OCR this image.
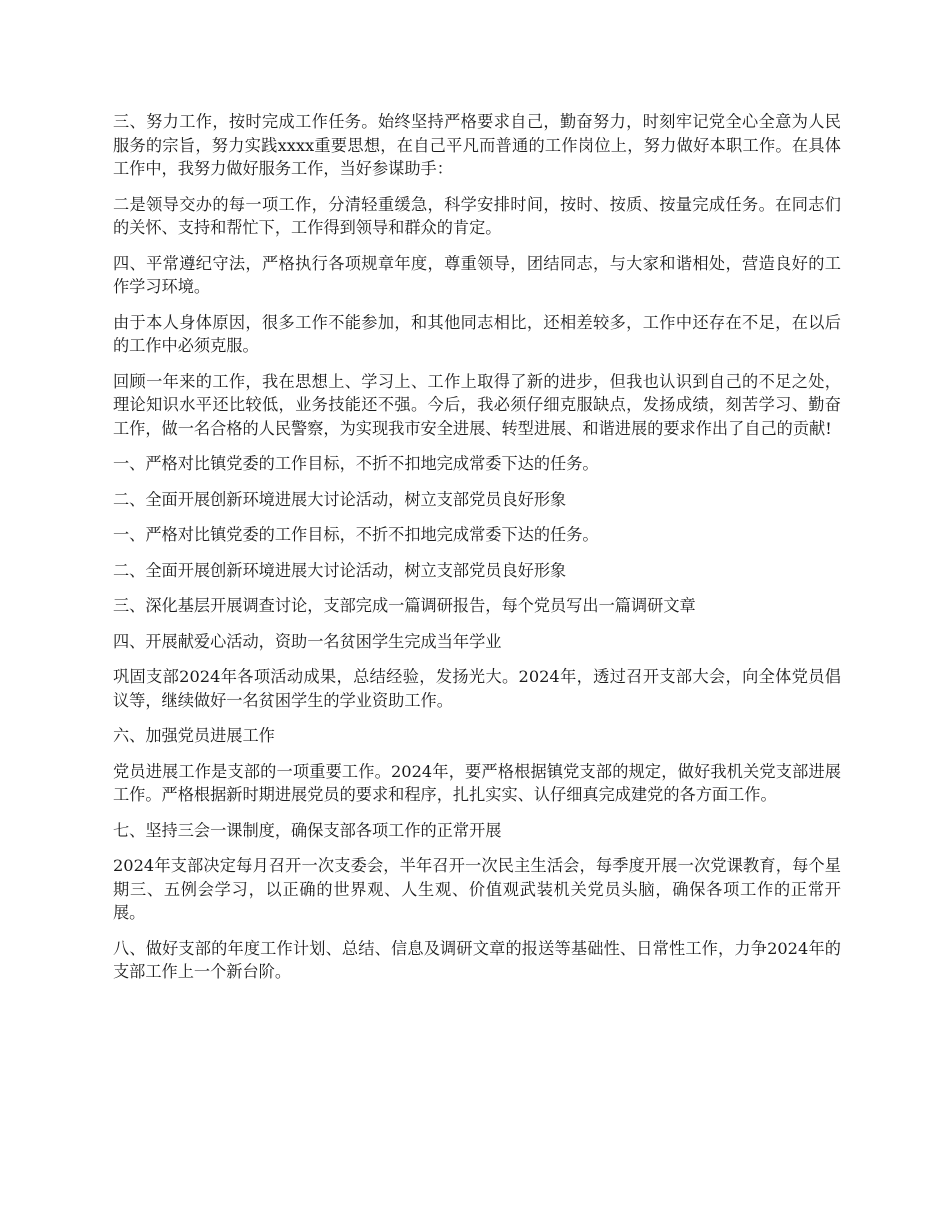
三、努力工作，按时完成工作任务。始终坚持严格要求自己，勤奋努力，时刻牢记党全心全意为人民服务的宗旨，努力实践xxxx重要思想，在自己平凡而普通的工作岗位上，努力做好本职工作。在具体工作中，我努力做好服务工作，当好参谋助手：

二是领导交办的每一项工作，分清轻重缓急，科学安排时间，按时、按质、按量完成任务。在同志们的关怀、支持和帮忙下，工作得到领导和群众的肯定。

四、平常遵纪守法，严格执行各项规章年度，尊重领导，团结同志，与大家和谐相处，营造良好的工作学习环境。

由于本人身体原因，很多工作不能参加，和其他同志相比，还相差较多，工作中还存在不足，在以后的工作中必须克服。

回顾一年来的工作，我在思想上、学习上、工作上取得了新的进步，但我也认识到自己的不足之处，理论知识水平还比较低，业务技能还不强。今后，我必须仔细克服缺点，发扬成绩，刻苦学习、勤奋工作，做一名合格的人民警察，为实现我市安全进展、转型进展、和谐进展的要求作出了自己的贡献!

一、严格对比镇党委的工作目标，不折不扣地完成常委下达的任务。

二、全面开展创新环境进展大讨论活动，树立支部党员良好形象

一、严格对比镇党委的工作目标，不折不扣地完成常委下达的任务。

二、全面开展创新环境进展大讨论活动，树立支部党员良好形象

三、深化基层开展调查讨论，支部完成一篇调研报告，每个党员写出一篇调研文章

四、开展献爱心活动，资助一名贫困学生完成当年学业

巩固支部2024年各项活动成果，总结经验，发扬光大。2024年，透过召开支部大会，向全体党员倡议等，继续做好一名贫困学生的学业资助工作。

六、加强党员进展工作

党员进展工作是支部的一项重要工作。2024年，要严格根据镇党支部的规定，做好我机关党支部进展工作。严格根据新时期进展党员的要求和程序，扎扎实实、认仔细真完成建党的各方面工作。

七、坚持三会一课制度，确保支部各项工作的正常开展

2024年支部决定每月召开一次支委会，半年召开一次民主生活会，每季度开展一次党课教育，每个星期三、五例会学习，以正确的世界观、人生观、价值观武装机关党员头脑，确保各项工作的正常开展。

八、做好支部的年度工作计划、总结、信息及调研文章的报送等基础性、日常性工作，力争2024年的支部工作上一个新台阶。
